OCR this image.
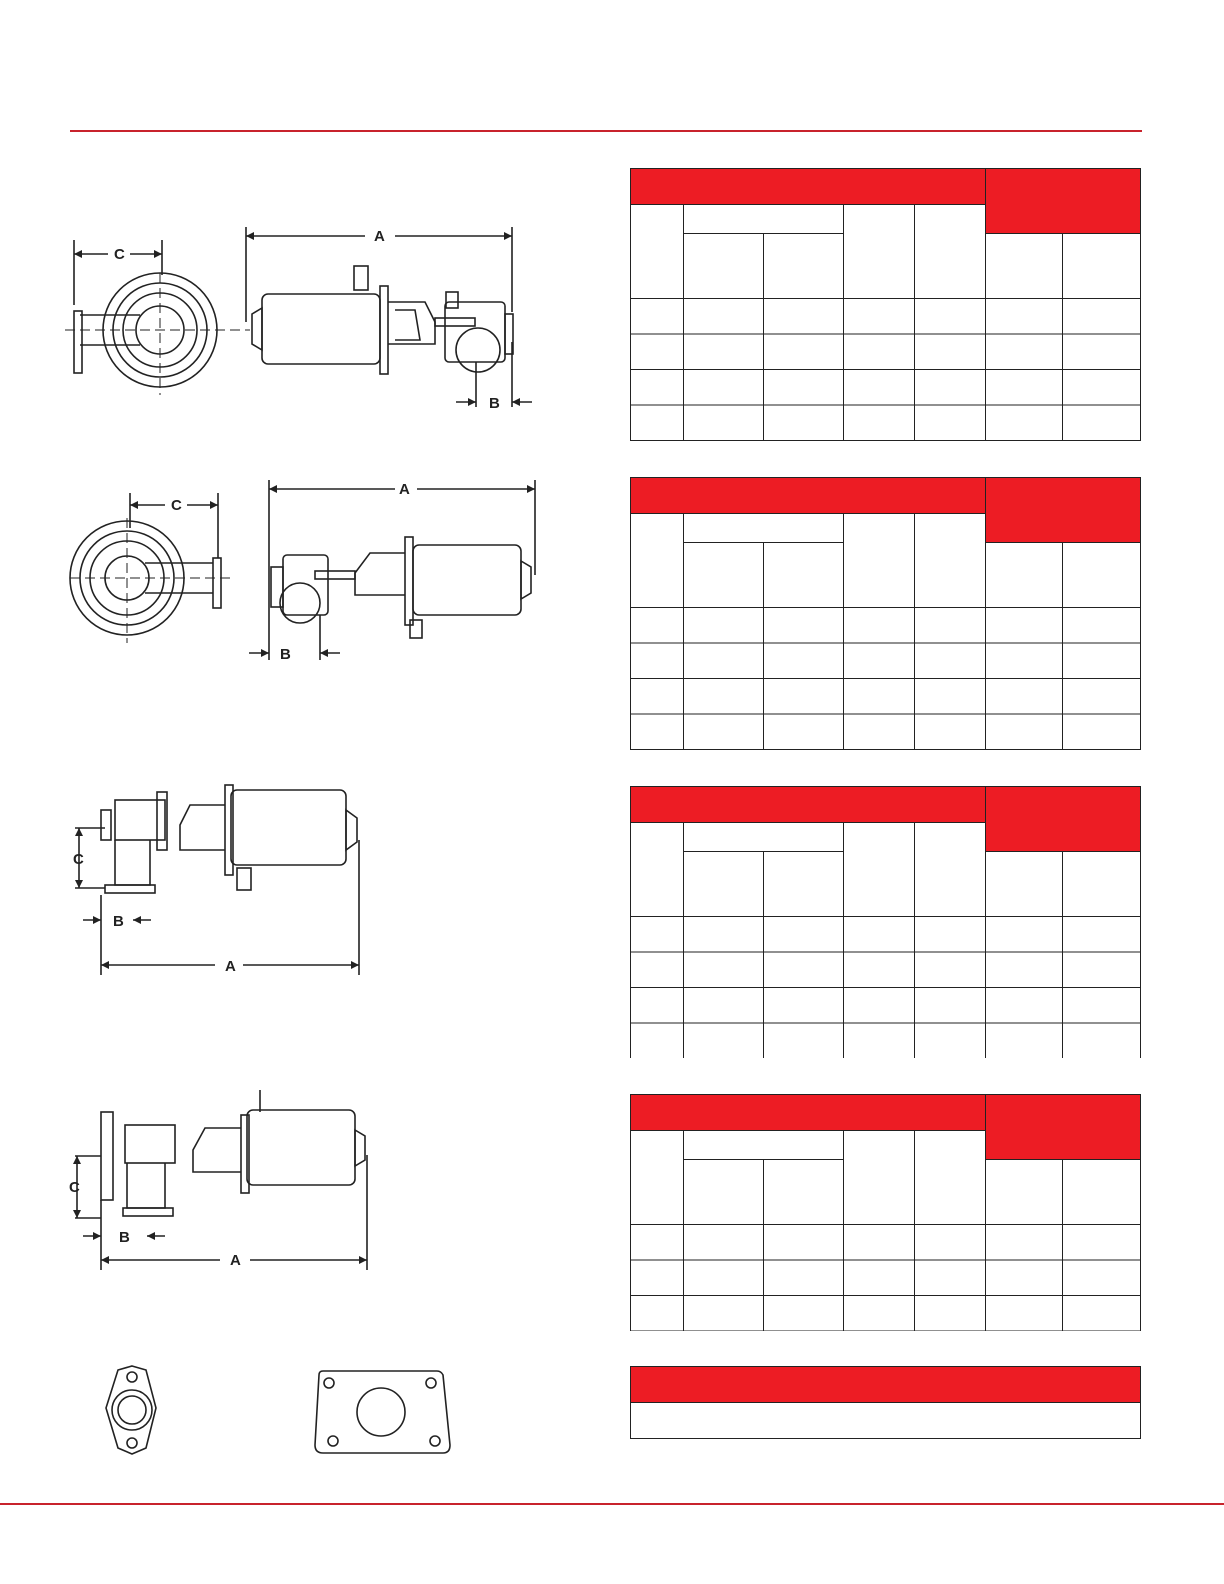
C
A
B
C
A
B
C
B
A
C
B
A
